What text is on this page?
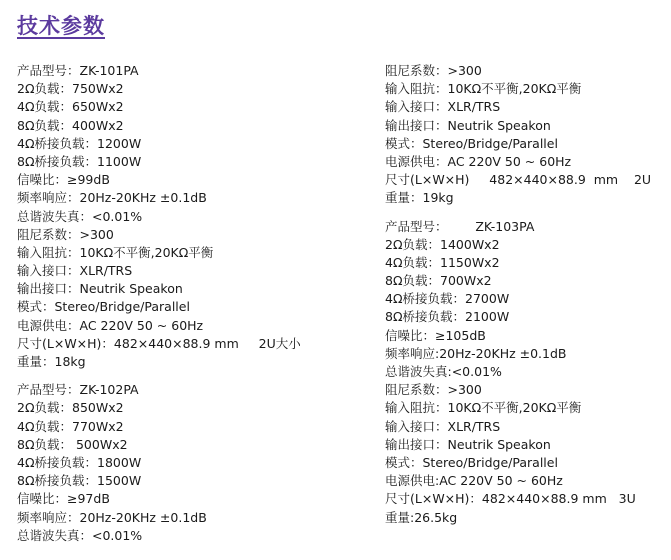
技术参数
产品型号：ZK-101PA
2Ω负载：750Wx2
4Ω负载：650Wx2
8Ω负载：400Wx2
4Ω桥接负载：1200W
8Ω桥接负载：1100W
信噪比：≥99dB
频率响应：20Hz-20KHz ±0.1dB
总谐波失真：<0.01%
阻尼系数：>300
输入阻抗：10KΩ不平衡,20KΩ平衡
输入接口：XLR/TRS
输出接口：Neutrik Speakon
模式：Stereo/Bridge/Parallel
电源供电：AC 220V 50 ~ 60Hz
尺寸(L×W×H)：482×440×88.9 mm     2U大小
重量：18kg
产品型号：ZK-102PA
2Ω负载：850Wx2
4Ω负载：770Wx2
8Ω负载： 500Wx2
4Ω桥接负载：1800W
8Ω桥接负载：1500W
信噪比：≥97dB
频率响应：20Hz-20KHz ±0.1dB
总谐波失真：<0.01%
阻尼系数：>300
输入阻抗：10KΩ不平衡,20KΩ平衡
输入接口：XLR/TRS
输出接口：Neutrik Speakon
模式：Stereo/Bridge/Parallel
电源供电：AC 220V 50 ~ 60Hz
尺寸(L×W×H)     482×440×88.9  mm    2U
重量：19kg
产品型号：       ZK-103PA
2Ω负载：1400Wx2
4Ω负载：1150Wx2
8Ω负载：700Wx2
4Ω桥接负载：2700W
8Ω桥接负载：2100W
信噪比：≥105dB
频率响应:20Hz-20KHz ±0.1dB
总谐波失真:<0.01%
阻尼系数：>300
输入阻抗：10KΩ不平衡,20KΩ平衡
输入接口：XLR/TRS
输出接口：Neutrik Speakon
模式：Stereo/Bridge/Parallel
电源供电:AC 220V 50 ~ 60Hz
尺寸(L×W×H)：482×440×88.9 mm   3U
重量:26.5kg
